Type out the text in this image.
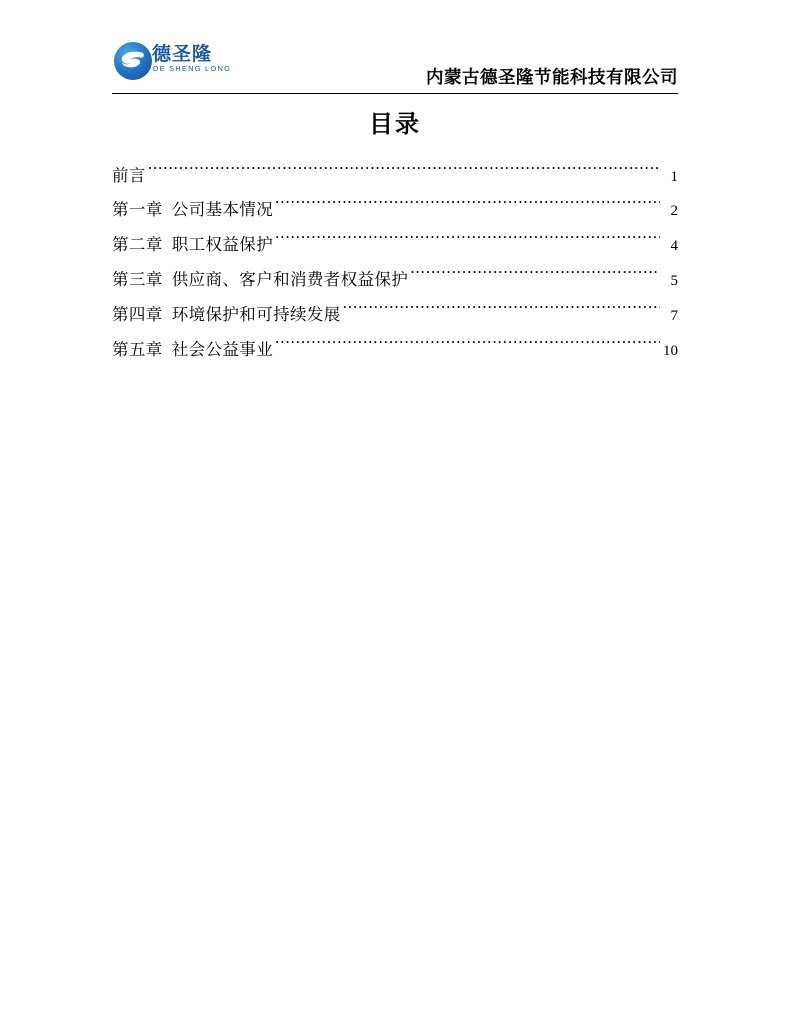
德圣隆
DE SHENG LONG	内蒙古德圣隆节能科技有限公司
目录
前言 .....	1
第一章 公司基本情况 .....	2
第二章 职工权益保护 .....	4
第三章 供应商、客户和消费者权益保护 .....	5
第四章 环境保护和可持续发展 .....	7
第五章 社会公益事业 .....	10
